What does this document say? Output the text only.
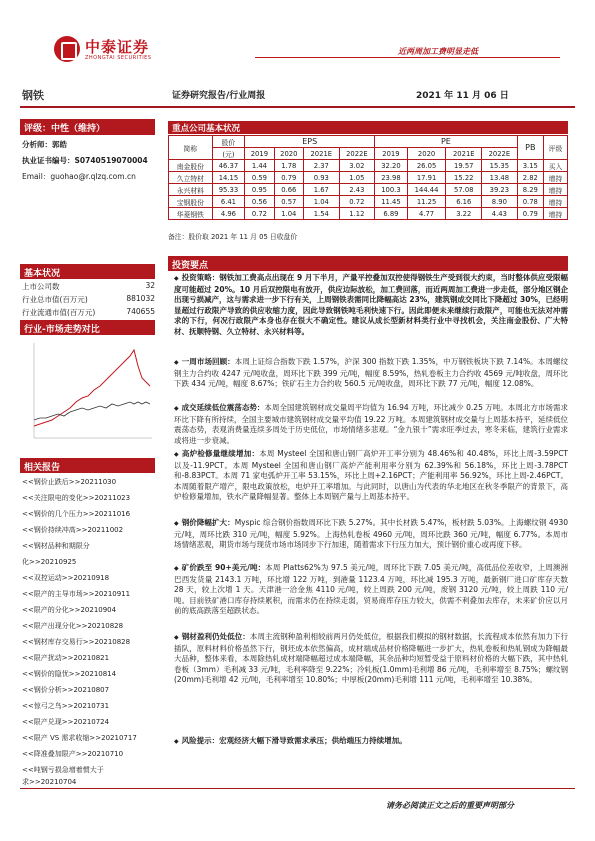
中泰证券
ZHONGTAI SECURITIES
近两周加工费明显走低
钢铁	证券研究报告/行业周报	2021 年 11 月 06 日
评级：中性（维持）
分析师：郭皓
执业证书编号：S0740519070004
Email：guohao@r.qlzq.com.cn
基本状况
上市公司数	32
行业总市值(百万元)	881032
行业流通市值(百万元)	740655
行业-市场走势对比
相关报告
<<钢价止跌后>>20211030
<<关注限电的变化>>20211023
<<钢价的几个压力>>20211016
<<钢价持续冲高>>20211002
<<钢材品种和期限分
化>>20210925
<<双控运动>>20210918
<<限产的主导市场>>20210911
<<限产的分化>>20210904
<<限产出现分化>>20210828
<<钢材库存交易行>>20210828
<<限产扰动>>20210821
<<钢价的隐忧>>20210814
<<钢价分析>>20210807
<<惊弓之鸟>>20210731
<<限产兑现>>20210724
<<限产 VS 需求收缩>>20210717
<<降准叠加限产>>20210710
<<吨钢亏损急增着惯大于
求>>20210704
重点公司基本状况
简称	股价	EPS				PE				PB	评级
	(元)	2019	2020	2021E	2022E	2019	2020	2021E	2022E		
南金股份	46.37	1.44	1.78	2.37	3.02	32.20	26.05	19.57	15.35	3.15	买入
久立特材	14.15	0.59	0.79	0.93	1.05	23.98	17.91	15.22	13.48	2.82	增持
永兴材料	95.33	0.95	0.66	1.67	2.43	100.3	144.44	57.08	39.23	8.29	增持
宝钢股份	6.41	0.56	0.57	1.04	0.72	11.45	11.25	6.16	8.90	0.78	增持
华菱钢铁	4.96	0.72	1.04	1.54	1.12	6.89	4.77	3.22	4.43	0.79	增持
备注：股价取 2021 年 11 月 05 日收盘价
投资要点
◆ 投资策略：钢铁加工费高点出现在 9 月下半月，产量平控叠加双控使得钢铁生产受到很大约束，当时整体供应受限幅度可能超过 20%。10 月后双控限电有放开，供应边际放松，加工费回落，而近两周加工费进一步走低，部分地区钢企出现亏损减产，这与需求进一步下行有关，上周钢铁表需同比降幅高达 23%，建筑钢成交同比下降超过 30%，已经明显超过行政限产导致的供应收缩力度，因此导致钢铁吨毛利快速下行。因此即便未来继续行政限产，可能也无法对冲需求的下行，何况行政限产本身也存在很大不确定性。建议从成长型新材料类行业中寻找机会，关注南金股份、广大特材、抚顺特钢、久立特材、永兴材料等。
◆ 一周市场回顾：本周上证综合指数下跌 1.57%，沪深 300 指数下跌 1.35%，中万钢铁板块下跌 7.14%。本周螺纹钢主力合约收 4247 元/吨收盘，周环比下跌 399 元/吨，幅度 8.59%，热轧卷板主力合约收 4569 元/吨收盘，周环比下跌 434 元/吨，幅度 8.67%；铁矿石主力合约收 560.5 元/吨收盘，周环比下跌 77 元/吨，幅度 12.08%。
◆ 成交延续低位震荡态势：本周全国建筑钢材成交量周平均值为 16.94 万吨，环比减少 0.25 万吨。本周北方市场需求环比下降有所持续，全国主要城市建筑钢材成交量平均值 19.22 万吨。本周建筑钢材成交量与上周基本持平，延续低位震荡态势，表观消费量连续多周处于历史低位，市场情绪多悲观。“金九银十”需求旺季过去，寒冬来临，建筑行业需求或将进一步衰减。
◆ 高炉检修量继续增加：本周 Mysteel 全国和唐山钢厂高炉开工率分别为 48.46%和 40.48%，环比上周-3.59PCT 以及-11.9PCT。本周 Mysteel 全国和唐山钢厂高炉产能利用率分别为 62.39%和 56.18%，环比上周-3.78PCT 和-8.83PCT。本周 71 家电弧炉开工率 53.15%，环比上周+2.16PCT；产能利用率 56.92%，环比上周-2.46PCT。本周随着限产增产，限电政策放松，电炉开工率增加。与此同时，以唐山为代表的华北地区在秋冬季限产的背景下，高炉检修量增加，铁水产量降幅显著。整体上本周钢产量与上周基本持平。
◆ 钢价降幅扩大：Myspic 综合钢价指数周环比下跌 5.27%。其中长材跌 5.47%，板材跌 5.03%。上海螺纹钢 4930 元/吨，周环比跌 310 元/吨，幅度 5.92%。上海热轧卷板 4960 元/吨，周环比跌 360 元/吨，幅度 6.77%。本周市场情绪悲观，期货市场与现货市场市场同步下行加速，随着需求下行压力加大，预计钢价重心或再度下移。
◆ 矿价跌至 90+美元/吨：本周 Platts62%为 97.5 美元/吨，周环比下跌 7.05 美元/吨，高低品位差收窄，上周澳洲巴西发货量 2143.1 万吨，环比增 122 万吨，到港量 1123.4 万吨，环比减 195.3 万吨，最新钢厂进口矿库存天数 28 天，较上次增 1 天。天津港一洽金焦 4110 元/吨，较上周跌 200 元/吨，废钢 3120 元/吨，较上周跌 110 元/吨。目前铁矿港口库存持续累积，而需求仍在持续走弱，贸易商库存压力较大，供需不利叠加去库存，未来矿价应以月前的底高跌落至超跌状态。
◆ 钢材盈利仍处低位：本周主流钢种盈利相较前两月仍处低位，根据我们模拟的钢材数据，长流程成本依然有加力下行插队，原料材料价格虽然下行，钢坯成本依然偏高，成材端成品材价格降幅进一步扩大，热轧卷板和热轧钢成为降幅最大品种，整体来看，本周除热轧成材端降幅超过成本端降幅，其余品种均短暂受益于原料材价格的大幅下跌，其中热轧卷板（3mm）毛利减 33 元/吨，毛利率降至 9.22%；冷轧板(1.0mm)毛利增 86 元/吨，毛利率增至 8.75%；螺纹钢(20mm)毛利增 42 元/吨，毛利率增至 10.80%；中厚板(20mm)毛利增 111 元/吨，毛利率增至 10.38%。
◆ 风险提示：宏观经济大幅下滑导致需求承压；供给端压力持续增加。
请务必阅读正文之后的重要声明部分
